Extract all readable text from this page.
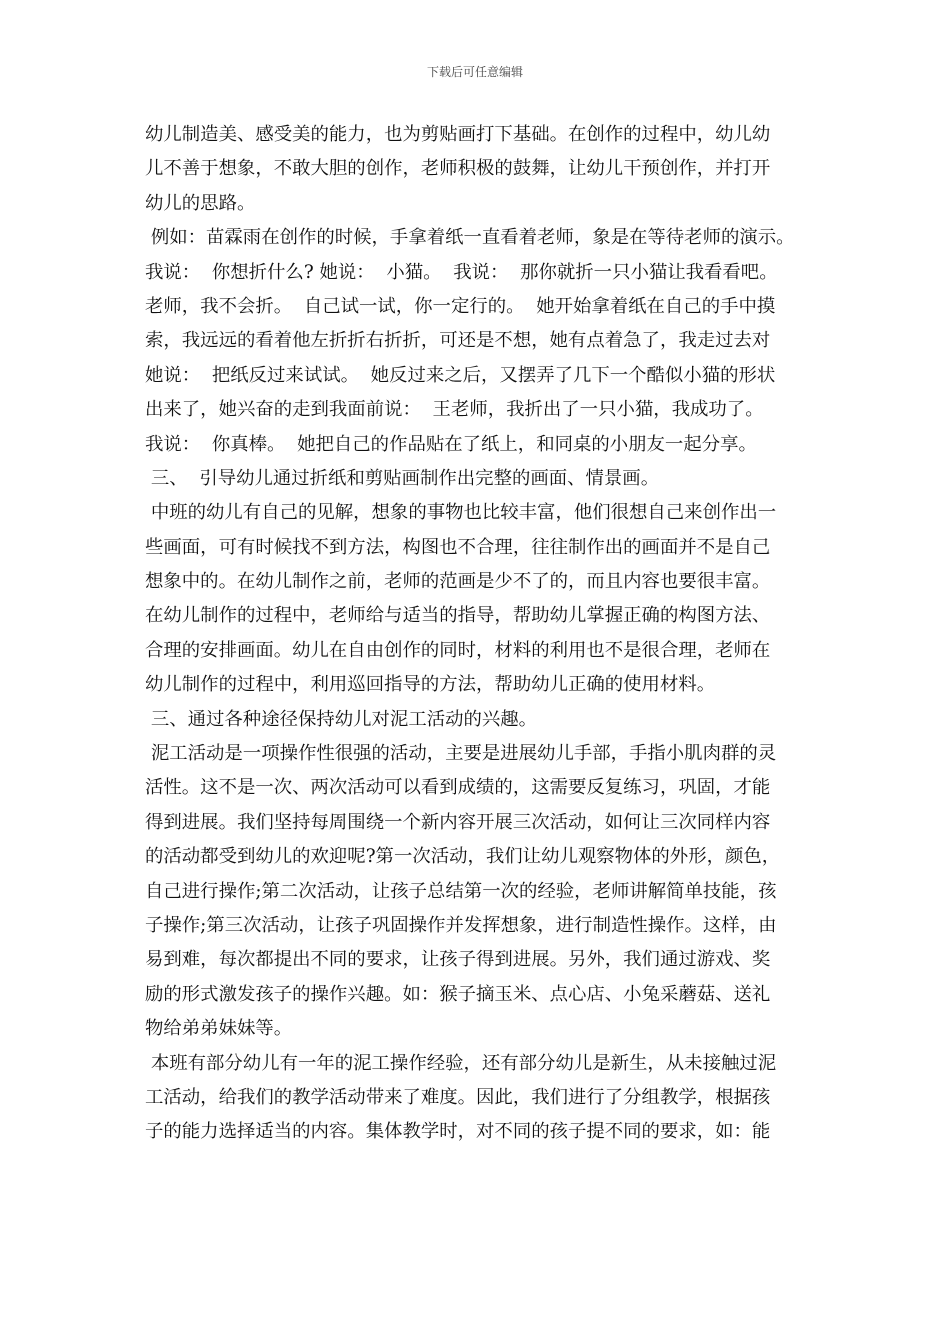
下载后可任意编辑
幼儿制造美、感受美的能力，也为剪贴画打下基础。在创作的过程中，幼儿幼
儿不善于想象，不敢大胆的创作，老师积极的鼓舞，让幼儿干预创作，并打开
幼儿的思路。
例如：苗霖雨在创作的时候，手拿着纸一直看着老师，象是在等待老师的演示。
我说：  你想折什么? 她说：  小猫。  我说：  那你就折一只小猫让我看看吧。
老师，我不会折。  自己试一试，你一定行的。  她开始拿着纸在自己的手中摸
索，我远远的看着他左折折右折折，可还是不想，她有点着急了，我走过去对
她说：  把纸反过来试试。  她反过来之后，又摆弄了几下一个酷似小猫的形状
出来了，她兴奋的走到我面前说：  王老师，我折出了一只小猫，我成功了。
我说：  你真棒。  她把自己的作品贴在了纸上，和同桌的小朋友一起分享。
三、  引导幼儿通过折纸和剪贴画制作出完整的画面、情景画。
中班的幼儿有自己的见解，想象的事物也比较丰富，他们很想自己来创作出一
些画面，可有时候找不到方法，构图也不合理，往往制作出的画面并不是自己
想象中的。在幼儿制作之前，老师的范画是少不了的，而且内容也要很丰富。
在幼儿制作的过程中，老师给与适当的指导，帮助幼儿掌握正确的构图方法、
合理的安排画面。幼儿在自由创作的同时，材料的利用也不是很合理，老师在
幼儿制作的过程中，利用巡回指导的方法，帮助幼儿正确的使用材料。
三、通过各种途径保持幼儿对泥工活动的兴趣。
泥工活动是一项操作性很强的活动，主要是进展幼儿手部，手指小肌肉群的灵
活性。这不是一次、两次活动可以看到成绩的，这需要反复练习，巩固，才能
得到进展。我们坚持每周围绕一个新内容开展三次活动，如何让三次同样内容
的活动都受到幼儿的欢迎呢?第一次活动，我们让幼儿观察物体的外形，颜色，
自己进行操作;第二次活动，让孩子总结第一次的经验，老师讲解简单技能，孩
子操作;第三次活动，让孩子巩固操作并发挥想象，进行制造性操作。这样，由
易到难，每次都提出不同的要求，让孩子得到进展。另外，我们通过游戏、奖
励的形式激发孩子的操作兴趣。如：猴子摘玉米、点心店、小兔采蘑菇、送礼
物给弟弟妹妹等。
本班有部分幼儿有一年的泥工操作经验，还有部分幼儿是新生，从未接触过泥
工活动，给我们的教学活动带来了难度。因此，我们进行了分组教学，根据孩
子的能力选择适当的内容。集体教学时，对不同的孩子提不同的要求，如：能
